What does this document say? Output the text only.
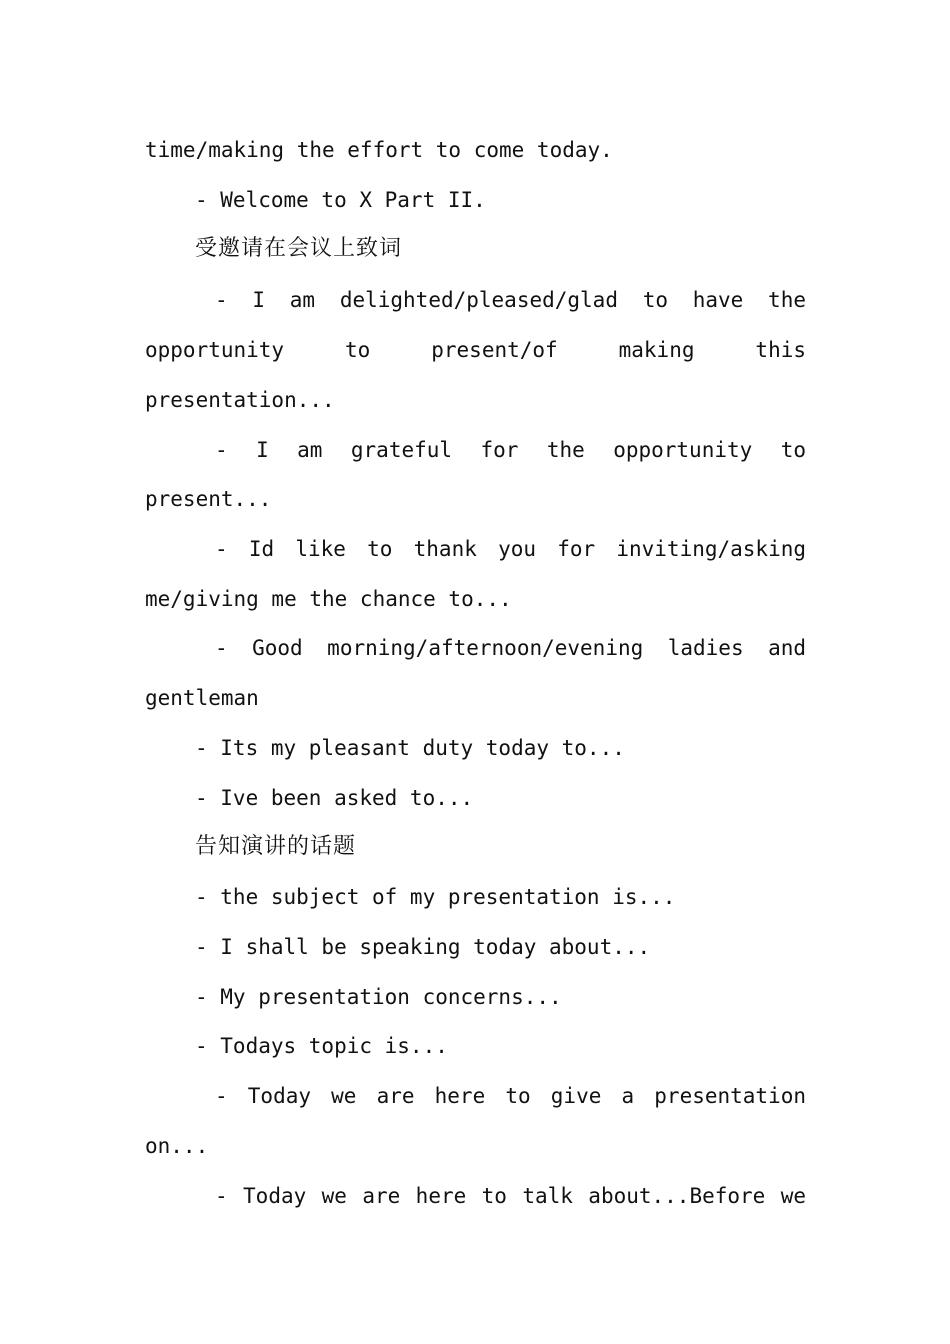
time/making the effort to come today.
- Welcome to X Part II.
受邀请在会议上致词
- I am delighted/pleased/glad to have the
opportunity to present/of making this
presentation...
- I am grateful for the opportunity to
present...
- Id like to thank you for inviting/asking
me/giving me the chance to...
- Good morning/afternoon/evening ladies and
gentleman
- Its my pleasant duty today to...
- Ive been asked to...
告知演讲的话题
- the subject of my presentation is...
- I shall be speaking today about...
- My presentation concerns...
- Todays topic is...
- Today we are here to give a presentation
on...
- Today we are here to talk about...Before we
